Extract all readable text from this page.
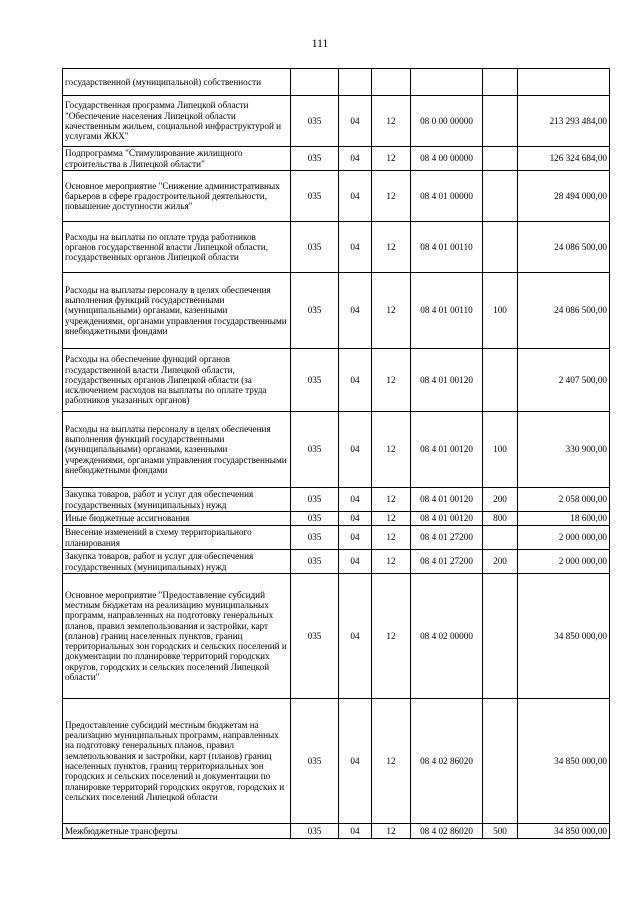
111
государственной (муниципальной) собственности						
Государственная программа Липецкой области "Обеспечение населения Липецкой области качественным жильем, социальной инфраструктурой и услугами ЖКХ"	035	04	12	08 0 00 00000		213 293 484,00
Подпрограмма "Стимулирование жилищного строительства в Липецкой области"	035	04	12	08 4 00 00000		126 324 684,00
Основное мероприятие "Снижение административных барьеров в сфере градостроительной деятельности, повышение доступности жилья"	035	04	12	08 4 01 00000		28 494 000,00
Расходы на выплаты по оплате труда работников органов государственной власти Липецкой области, государственных органов Липецкой области	035	04	12	08 4 01 00110		24 086 500,00
Расходы на выплаты персоналу в целях обеспечения выполнения функций государственными (муниципальными) органами, казенными учреждениями, органами управления государственными внебюджетными фондами	035	04	12	08 4 01 00110	100	24 086 500,00
Расходы на обеспечение функций органов государственной власти Липецкой области, государственных органов Липецкой области (за исключением расходов на выплаты по оплате труда работников указанных органов)	035	04	12	08 4 01 00120		2 407 500,00
Расходы на выплаты персоналу в целях обеспечения выполнения функций государственными (муниципальными) органами, казенными учреждениями, органами управления государственными внебюджетными фондами	035	04	12	08 4 01 00120	100	330 900,00
Закупка товаров, работ и услуг для обеспечения государственных (муниципальных) нужд	035	04	12	08 4 01 00120	200	2 058 000,00
Иные бюджетные ассигнования	035	04	12	08 4 01 00120	800	18 600,00
Внесение изменений в схему территориального планирования	035	04	12	08 4 01 27200		2 000 000,00
Закупка товаров, работ и услуг для обеспечения государственных (муниципальных) нужд	035	04	12	08 4 01 27200	200	2 000 000,00
Основное мероприятие "Предоставление субсидий местным бюджетам на реализацию муниципальных программ, направленных на подготовку генеральных планов, правил землепользования и застройки, карт (планов) границ населенных пунктов, границ территориальных зон городских и сельских поселений и документации по планировке территорий городских округов, городских и сельских поселений Липецкой области"	035	04	12	08 4 02 00000		34 850 000,00
Предоставление субсидий местным бюджетам на реализацию муниципальных программ, направленных на подготовку генеральных планов, правил землепользования и застройки, карт (планов) границ населенных пунктов, границ территориальных зон городских и сельских поселений и документации по планировке территорий городских округов, городских и сельских поселений Липецкой области	035	04	12	08 4 02 86020		34 850 000,00
Межбюджетные трансферты	035	04	12	08 4 02 86020	500	34 850 000,00
